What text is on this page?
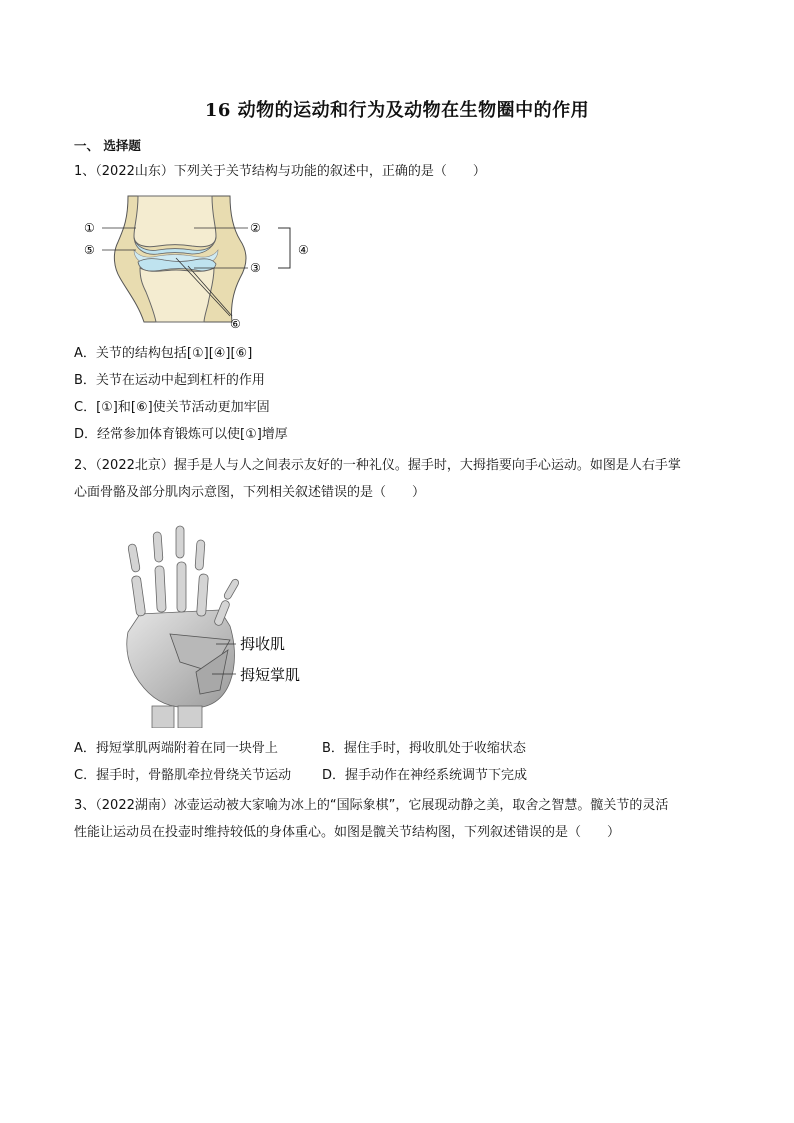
16 动物的运动和行为及动物在生物圈中的作用
一、 选择题
1、（2022山东）下列关于关节结构与功能的叙述中，正确的是（　　）
①
⑤
②
③
④
⑥
A．关节的结构包括[①][④][⑥]
B．关节在运动中起到杠杆的作用
C．[①]和[⑥]使关节活动更加牢固
D．经常参加体育锻炼可以使[①]增厚
2、（2022北京）握手是人与人之间表示友好的一种礼仪。握手时，大拇指要向手心运动。如图是人右手掌
心面骨骼及部分肌肉示意图，下列相关叙述错误的是（　　）
拇收肌
拇短掌肌
A．拇短掌肌两端附着在同一块骨上	B．握住手时，拇收肌处于收缩状态
C．握手时，骨骼肌牵拉骨绕关节运动 D．握手动作在神经系统调节下完成
3、（2022湖南）冰壶运动被大家喻为冰上的“国际象棋”，它展现动静之美，取舍之智慧。髋关节的灵活
性能让运动员在投壶时维持较低的身体重心。如图是髋关节结构图，下列叙述错误的是（　　）
